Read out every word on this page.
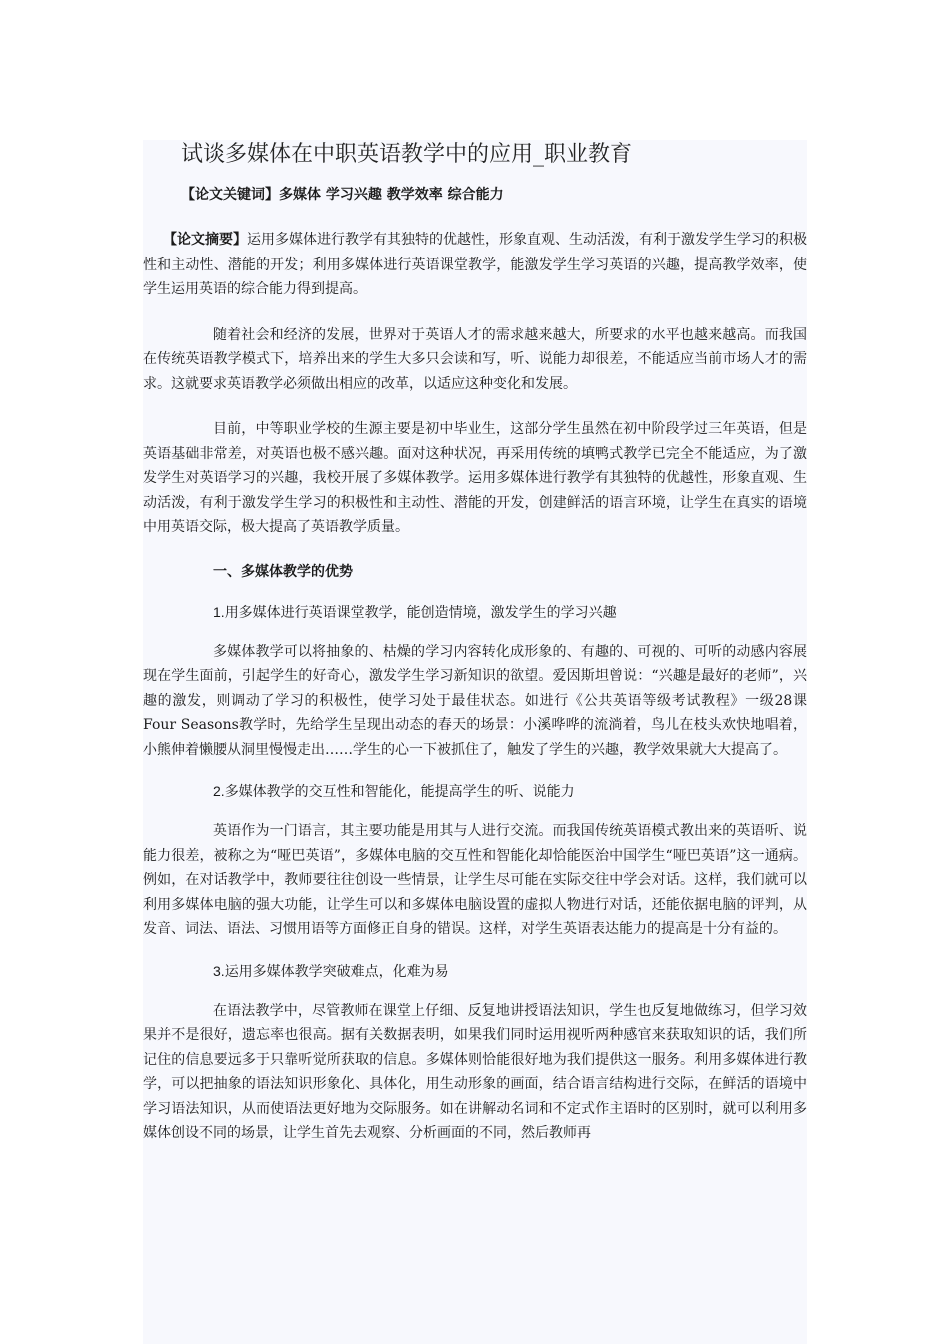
试谈多媒体在中职英语教学中的应用_职业教育
【论文关键词】多媒体 学习兴趣 教学效率 综合能力

【论文摘要】运用多媒体进行教学有其独特的优越性，形象直观、生动活泼，有利于激发学生学习的积极性和主动性、潜能的开发；利用多媒体进行英语课堂教学，能激发学生学习英语的兴趣，提高教学效率，使学生运用英语的综合能力得到提高。

随着社会和经济的发展，世界对于英语人才的需求越来越大，所要求的水平也越来越高。而我国在传统英语教学模式下，培养出来的学生大多只会读和写，听、说能力却很差，不能适应当前市场人才的需求。这就要求英语教学必须做出相应的改革，以适应这种变化和发展。

目前，中等职业学校的生源主要是初中毕业生，这部分学生虽然在初中阶段学过三年英语，但是英语基础非常差，对英语也极不感兴趣。面对这种状况，再采用传统的填鸭式教学已完全不能适应，为了激发学生对英语学习的兴趣，我校开展了多媒体教学。运用多媒体进行教学有其独特的优越性，形象直观、生动活泼，有利于激发学生学习的积极性和主动性、潜能的开发，创建鲜活的语言环境，让学生在真实的语境中用英语交际，极大提高了英语教学质量。

一、多媒体教学的优势
1.用多媒体进行英语课堂教学，能创造情境，激发学生的学习兴趣

多媒体教学可以将抽象的、枯燥的学习内容转化成形象的、有趣的、可视的、可听的动感内容展现在学生面前，引起学生的好奇心，激发学生学习新知识的欲望。爱因斯坦曾说：“兴趣是最好的老师”，兴趣的激发，则调动了学习的积极性，使学习处于最佳状态。如进行《公共英语等级考试教程》一级28课Four Seasons教学时，先给学生呈现出动态的春天的场景：小溪哗哗的流淌着，鸟儿在枝头欢快地唱着，小熊伸着懒腰从洞里慢慢走出……学生的心一下被抓住了，触发了学生的兴趣，教学效果就大大提高了。

2.多媒体教学的交互性和智能化，能提高学生的听、说能力

英语作为一门语言，其主要功能是用其与人进行交流。而我国传统英语模式教出来的英语听、说能力很差，被称之为“哑巴英语”，多媒体电脑的交互性和智能化却恰能医治中国学生“哑巴英语”这一通病。例如，在对话教学中，教师要往往创设一些情景，让学生尽可能在实际交往中学会对话。这样，我们就可以利用多媒体电脑的强大功能，让学生可以和多媒体电脑设置的虚拟人物进行对话，还能依据电脑的评判，从发音、词法、语法、习惯用语等方面修正自身的错误。这样，对学生英语表达能力的提高是十分有益的。

3.运用多媒体教学突破难点，化难为易

在语法教学中，尽管教师在课堂上仔细、反复地讲授语法知识，学生也反复地做练习，但学习效果并不是很好，遗忘率也很高。据有关数据表明，如果我们同时运用视听两种感官来获取知识的话，我们所记住的信息要远多于只靠听觉所获取的信息。多媒体则恰能很好地为我们提供这一服务。利用多媒体进行教学，可以把抽象的语法知识形象化、具体化，用生动形象的画面，结合语言结构进行交际，在鲜活的语境中学习语法知识，从而使语法更好地为交际服务。如在讲解动名词和不定式作主语时的区别时，就可以利用多媒体创设不同的场景，让学生首先去观察、分析画面的不同，然后教师再
